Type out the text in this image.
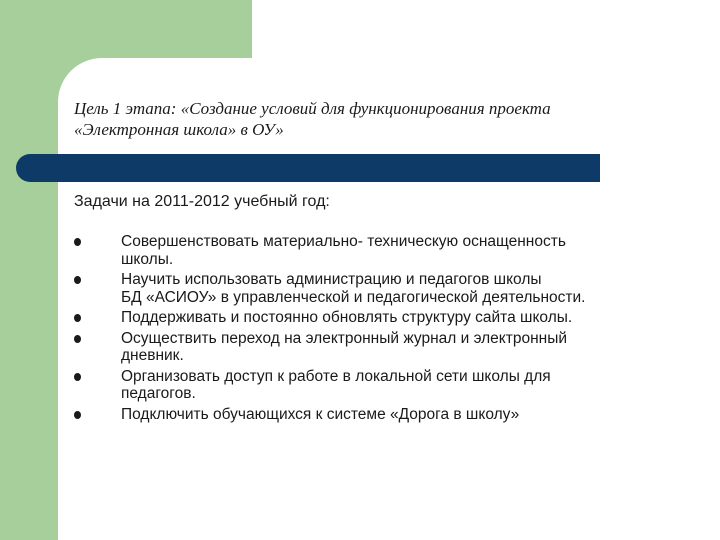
Цель 1 этапа: «Создание условий для функционирования проекта
«Электронная школа» в ОУ»
Задачи на 2011-2012 учебный год:
Совершенствовать материально- техническую оснащенность
школы.
Научить использовать администрацию и педагогов школы
БД «АСИОУ» в управленческой и педагогической деятельности.
Поддерживать и постоянно обновлять структуру сайта школы.
Осуществить переход на электронный журнал и электронный
дневник.
Организовать доступ к работе в локальной сети школы для
педагогов.
Подключить обучающихся к системе «Дорога в школу»
